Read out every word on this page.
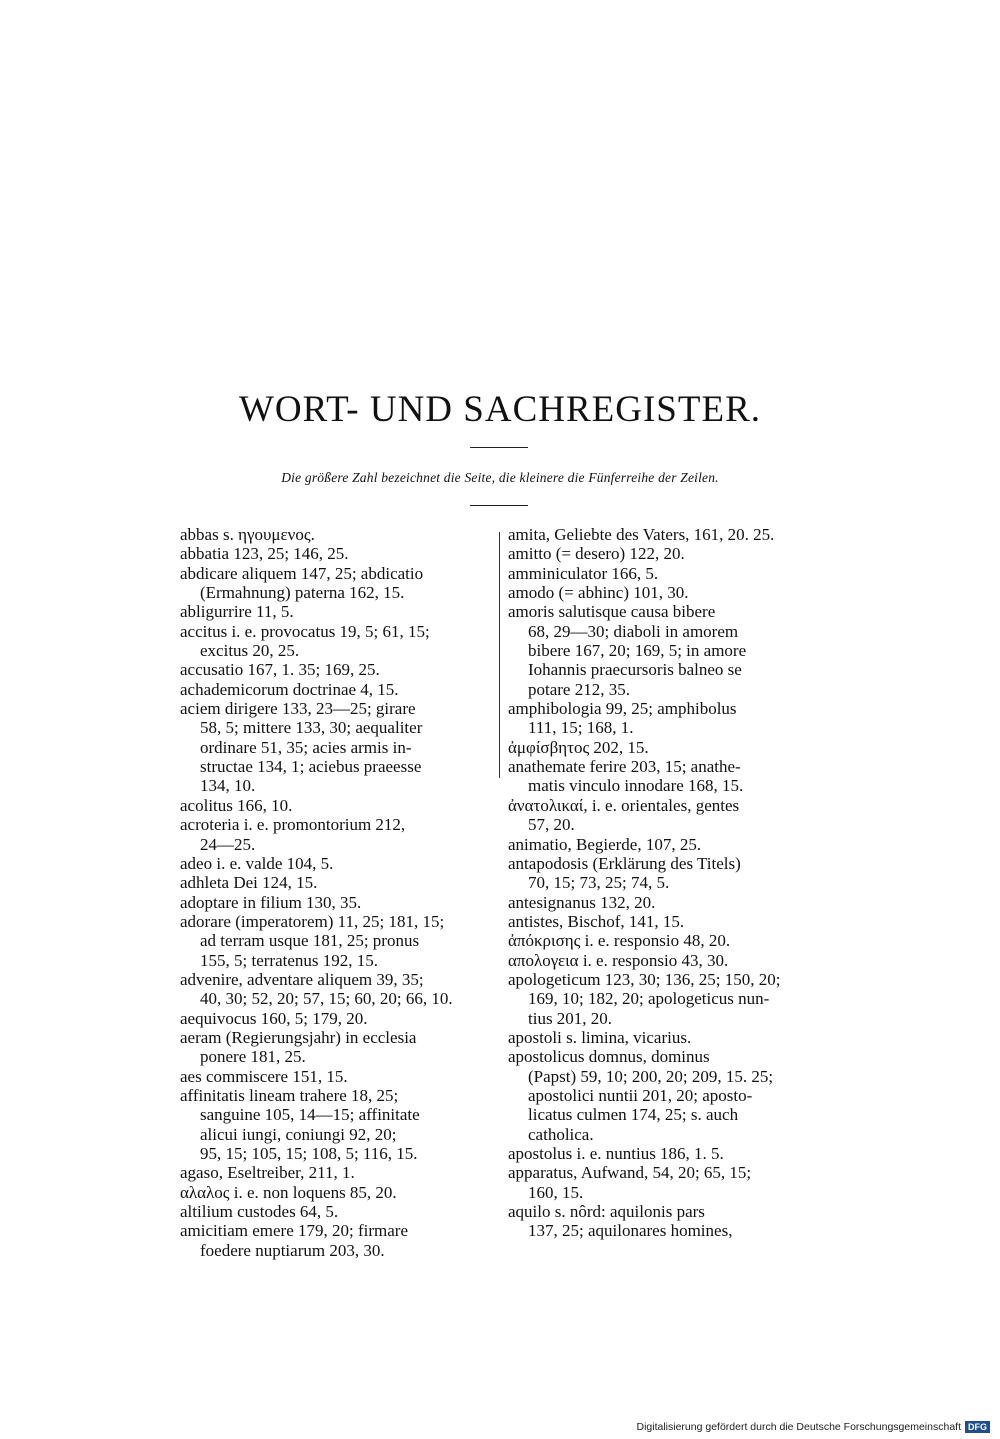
WORT- UND SACHREGISTER.
Die größere Zahl bezeichnet die Seite, die kleinere die Fünferreihe der Zeilen.
abbas s. ηγουμενος.
abbatia 123, 25; 146, 25.
abdicare aliquem 147, 25; abdicatio
(Ermahnung) paterna 162, 15.
abligurrire 11, 5.
accitus i. e. provocatus 19, 5; 61, 15;
excitus 20, 25.
accusatio 167, 1. 35; 169, 25.
achademicorum doctrinae 4, 15.
aciem dirigere 133, 23—25; girare
58, 5; mittere 133, 30; aequaliter
ordinare 51, 35; acies armis in-
structae 134, 1; aciebus praeesse
134, 10.
acolitus 166, 10.
acroteria i. e. promontorium 212,
24—25.
adeo i. e. valde 104, 5.
adhleta Dei 124, 15.
adoptare in filium 130, 35.
adorare (imperatorem) 11, 25; 181, 15;
ad terram usque 181, 25; pronus
155, 5; terratenus 192, 15.
advenire, adventare aliquem 39, 35;
40, 30; 52, 20; 57, 15; 60, 20; 66, 10.
aequivocus 160, 5; 179, 20.
aeram (Regierungsjahr) in ecclesia
ponere 181, 25.
aes commiscere 151, 15.
affinitatis lineam trahere 18, 25;
sanguine 105, 14—15; affinitate
alicui iungi, coniungi 92, 20;
95, 15; 105, 15; 108, 5; 116, 15.
agaso, Eseltreiber, 211, 1.
αλαλος i. e. non loquens 85, 20.
altilium custodes 64, 5.
amicitiam emere 179, 20; firmare
foedere nuptiarum 203, 30.
amita, Geliebte des Vaters, 161, 20. 25.
amitto (= desero) 122, 20.
amminiculator 166, 5.
amodo (= abhinc) 101, 30.
amoris salutisque causa bibere
68, 29—30; diaboli in amorem
bibere 167, 20; 169, 5; in amore
Iohannis praecursoris balneo se
potare 212, 35.
amphibologia 99, 25; amphibolus
111, 15; 168, 1.
ἀμφίσβητος 202, 15.
anathemate ferire 203, 15; anathe-
matis vinculo innodare 168, 15.
ἀνατολικαί, i. e. orientales, gentes
57, 20.
animatio, Begierde, 107, 25.
antapodosis (Erklärung des Titels)
70, 15; 73, 25; 74, 5.
antesignanus 132, 20.
antistes, Bischof, 141, 15.
ἀπόκρισης i. e. responsio 48, 20.
απολογεια i. e. responsio 43, 30.
apologeticum 123, 30; 136, 25; 150, 20;
169, 10; 182, 20; apologeticus nun-
tius 201, 20.
apostoli s. limina, vicarius.
apostolicus domnus, dominus
(Papst) 59, 10; 200, 20; 209, 15. 25;
apostolici nuntii 201, 20; aposto-
licatus culmen 174, 25; s. auch
catholica.
apostolus i. e. nuntius 186, 1. 5.
apparatus, Aufwand, 54, 20; 65, 15;
160, 15.
aquilo s. nôrd: aquilonis pars
137, 25; aquilonares homines,
Digitalisierung gefördert durch die Deutsche Forschungsgemeinschaft DFG
